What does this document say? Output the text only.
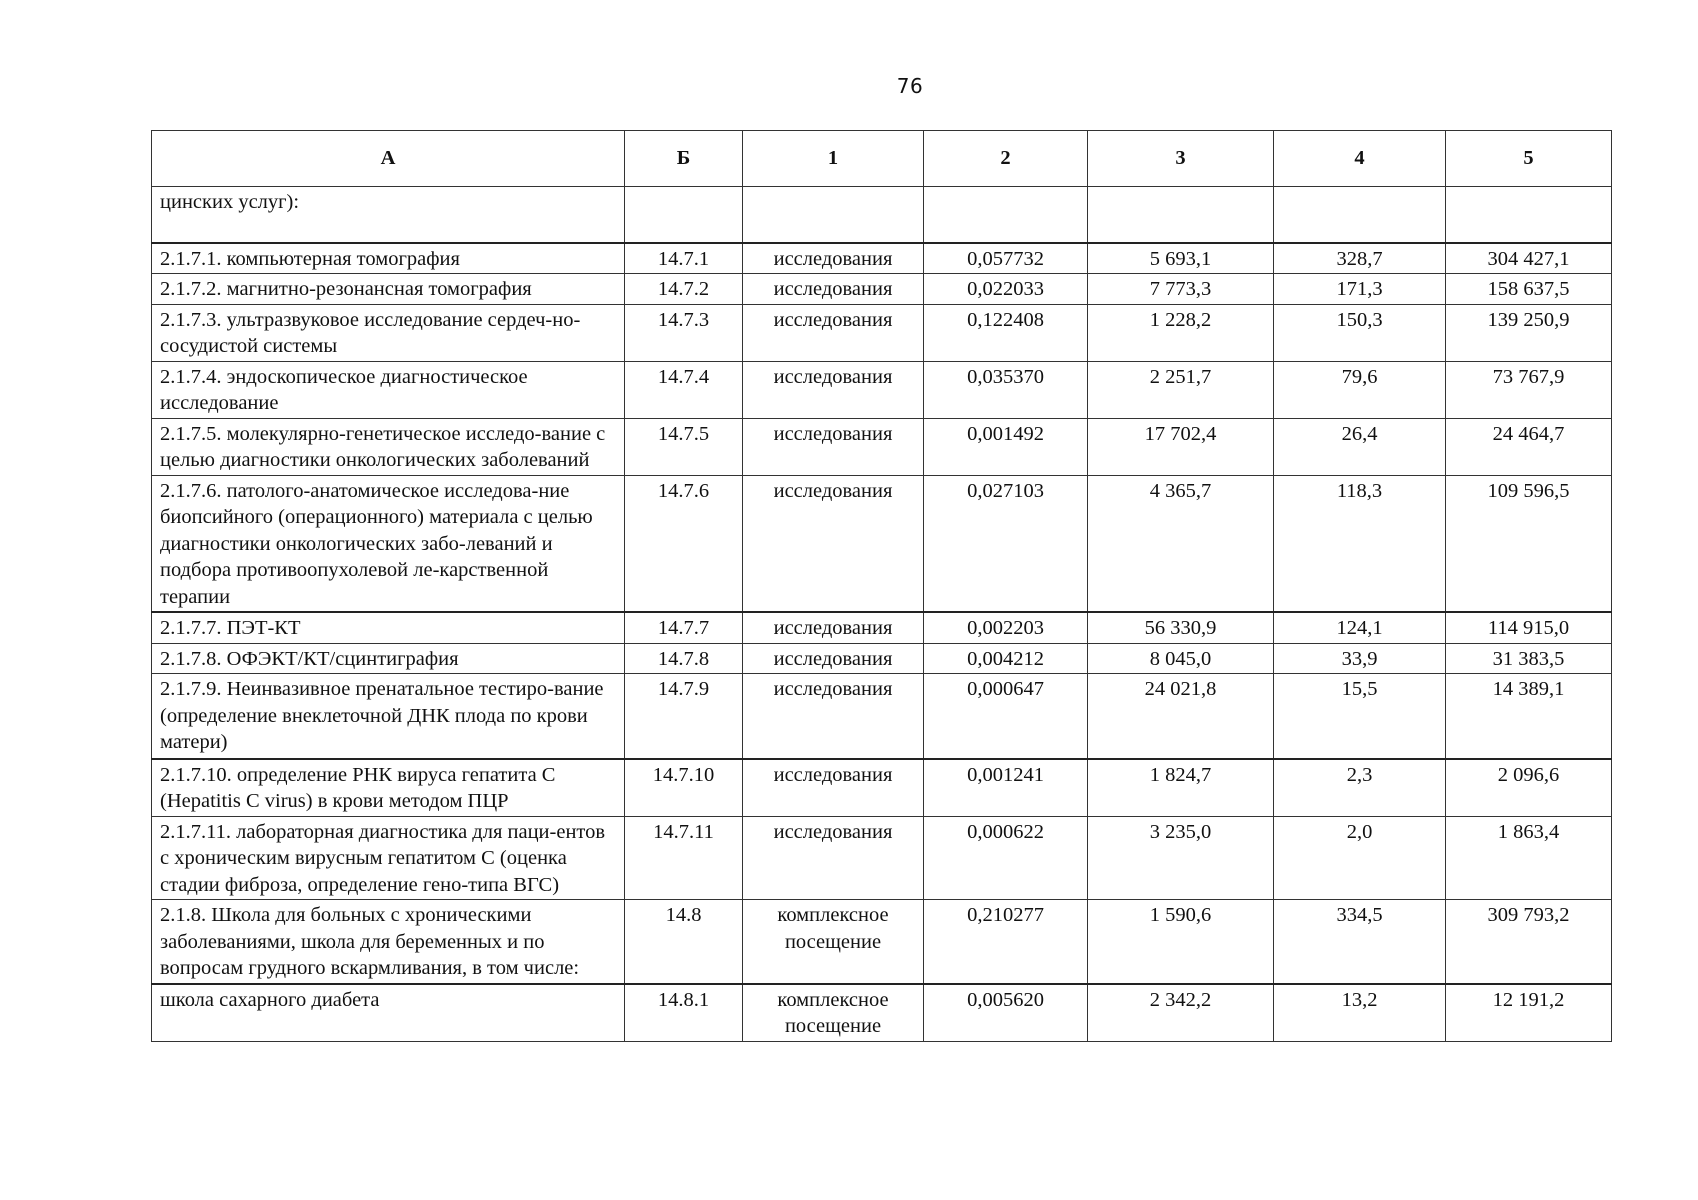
76
А	Б	1	2	3	4	5
цинских услуг):						
2.1.7.1. компьютерная томография	14.7.1	исследования	0,057732	5 693,1	328,7	304 427,1
2.1.7.2. магнитно-резонансная томография	14.7.2	исследования	0,022033	7 773,3	171,3	158 637,5
2.1.7.3. ультразвуковое исследование сердеч-но-сосудистой системы	14.7.3	исследования	0,122408	1 228,2	150,3	139 250,9
2.1.7.4. эндоскопическое диагностическое исследование	14.7.4	исследования	0,035370	2 251,7	79,6	73 767,9
2.1.7.5. молекулярно-генетическое исследо-вание с целью диагностики онкологических заболеваний	14.7.5	исследования	0,001492	17 702,4	26,4	24 464,7
2.1.7.6. патолого-анатомическое исследова-ние биопсийного (операционного) материала с целью диагностики онкологических забо-леваний и подбора противоопухолевой ле-карственной терапии	14.7.6	исследования	0,027103	4 365,7	118,3	109 596,5
2.1.7.7. ПЭТ-КТ	14.7.7	исследования	0,002203	56 330,9	124,1	114 915,0
2.1.7.8. ОФЭКТ/КТ/сцинтиграфия	14.7.8	исследования	0,004212	8 045,0	33,9	31 383,5
2.1.7.9. Неинвазивное пренатальное тестиро-вание (определение внеклеточной ДНК плода по крови матери)	14.7.9	исследования	0,000647	24 021,8	15,5	14 389,1
2.1.7.10. определение РНК вируса гепатита С (Hepatitis C virus) в крови методом ПЦР	14.7.10	исследования	0,001241	1 824,7	2,3	2 096,6
2.1.7.11. лабораторная диагностика для паци-ентов с хроническим вирусным гепатитом С (оценка стадии фиброза, определение гено-типа ВГС)	14.7.11	исследования	0,000622	3 235,0	2,0	1 863,4
2.1.8. Школа для больных с хроническими заболеваниями, школа для беременных и по вопросам грудного вскармливания, в том числе:	14.8	комплексное посещение	0,210277	1 590,6	334,5	309 793,2
школа сахарного диабета	14.8.1	комплексное посещение	0,005620	2 342,2	13,2	12 191,2
